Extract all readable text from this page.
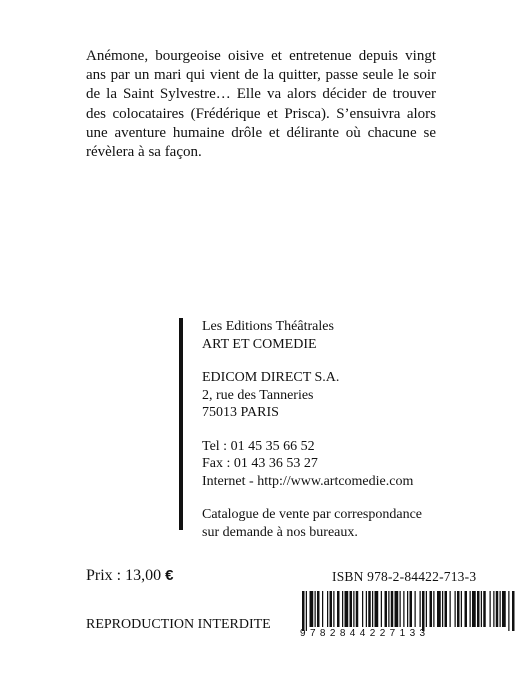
Anémone, bourgeoise oisive et entretenue depuis vingt ans par un mari qui vient de la quitter, passe seule le soir de la Saint Sylvestre… Elle va alors décider de trouver des colocataires (Frédérique et Prisca). S’ensuivra alors une aventure humaine drôle et délirante où chacune se révèlera à sa façon.

Les Editions Théâtrales
ART ET COMEDIE
EDICOM DIRECT S.A.
2, rue des Tanneries
75013 PARIS
Tel : 01 45 35 66 52
Fax : 01 43 36 53 27
Internet - http://www.artcomedie.com
Catalogue de vente par correspondance
sur demande à nos bureaux.
Prix : 13,00 €	ISBN 978-2-84422-713-3
REPRODUCTION INTERDITE
9782844227133
